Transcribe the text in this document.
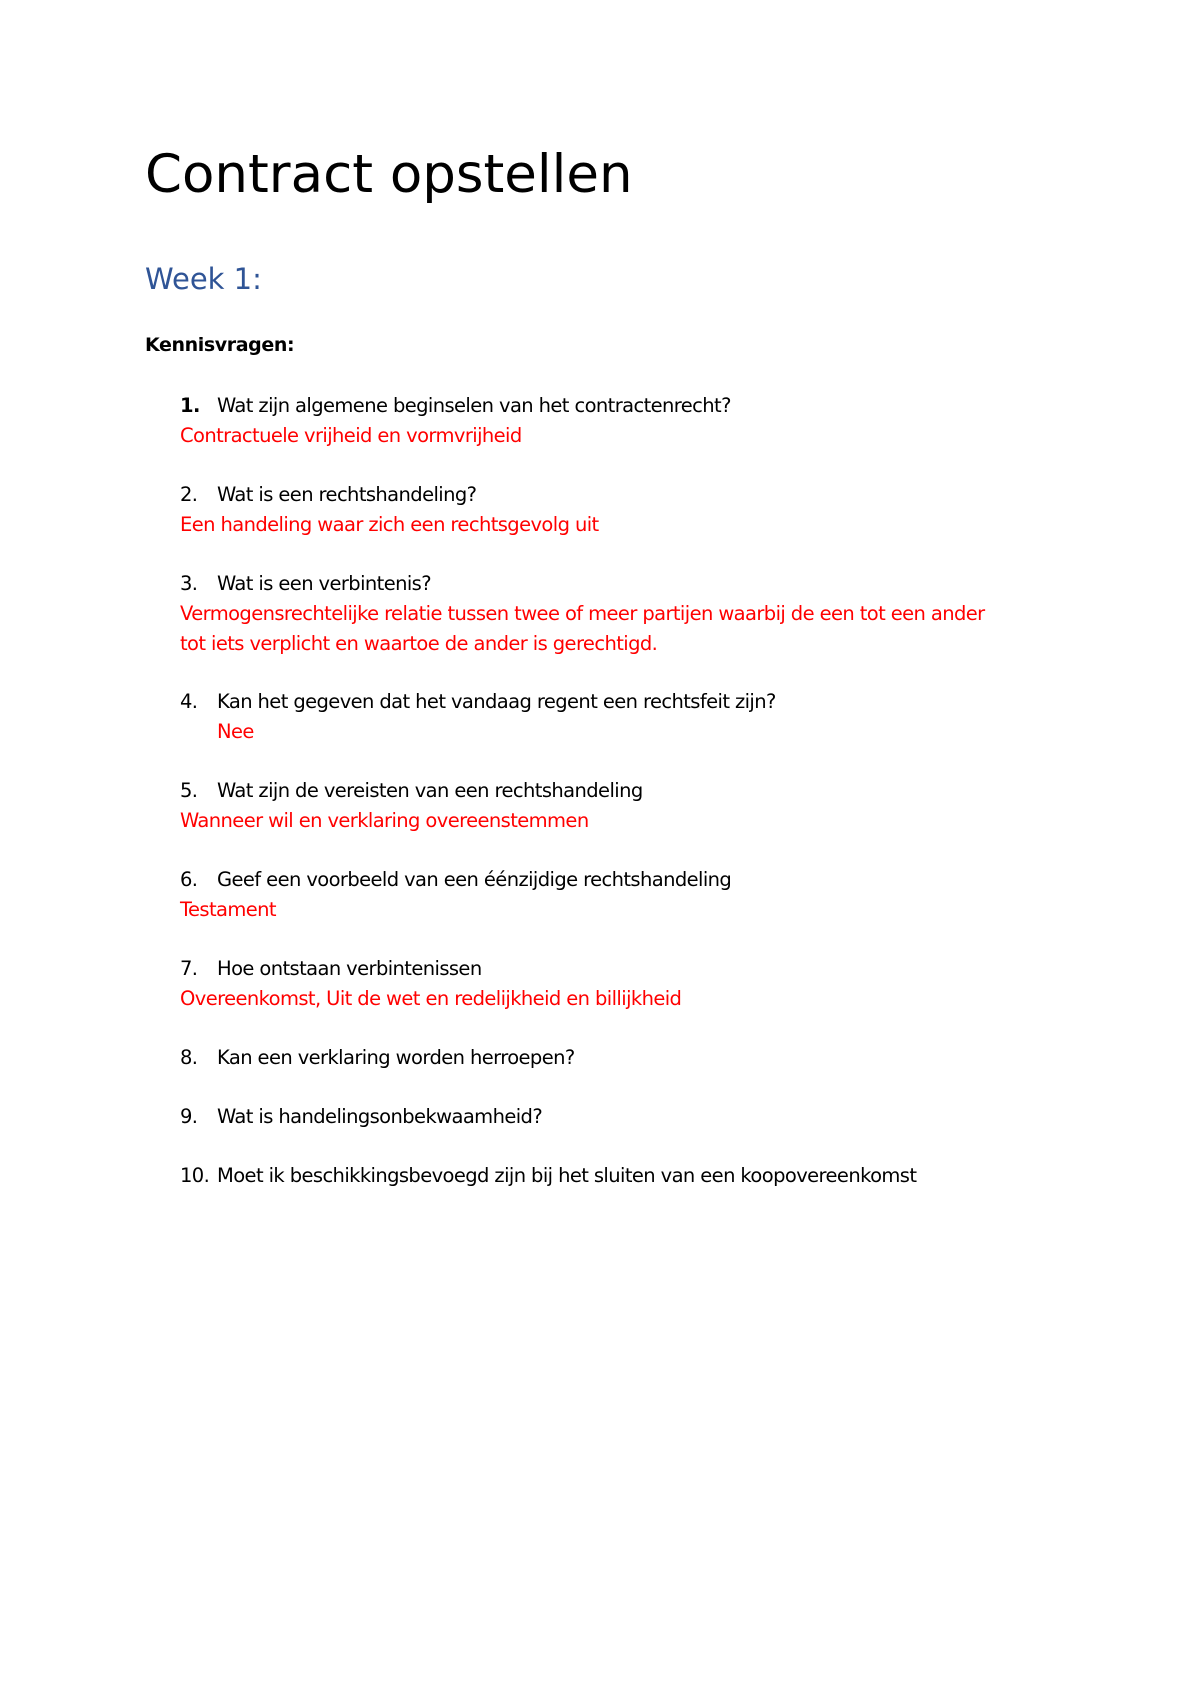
Contract opstellen
Week 1:
Kennisvragen:
1. Wat zijn algemene beginselen van het contractenrecht?
Contractuele vrijheid en vormvrijheid
2. Wat is een rechtshandeling?
Een handeling waar zich een rechtsgevolg uit
3. Wat is een verbintenis?
Vermogensrechtelijke relatie tussen twee of meer partijen waarbij de een tot een ander
tot iets verplicht en waartoe de ander is gerechtigd.
4. Kan het gegeven dat het vandaag regent een rechtsfeit zijn?
Nee
5. Wat zijn de vereisten van een rechtshandeling
Wanneer wil en verklaring overeenstemmen
6. Geef een voorbeeld van een éénzijdige rechtshandeling
Testament
7. Hoe ontstaan verbintenissen
Overeenkomst, Uit de wet en redelijkheid en billijkheid
8. Kan een verklaring worden herroepen?
9. Wat is handelingsonbekwaamheid?
10. Moet ik beschikkingsbevoegd zijn bij het sluiten van een koopovereenkomst
